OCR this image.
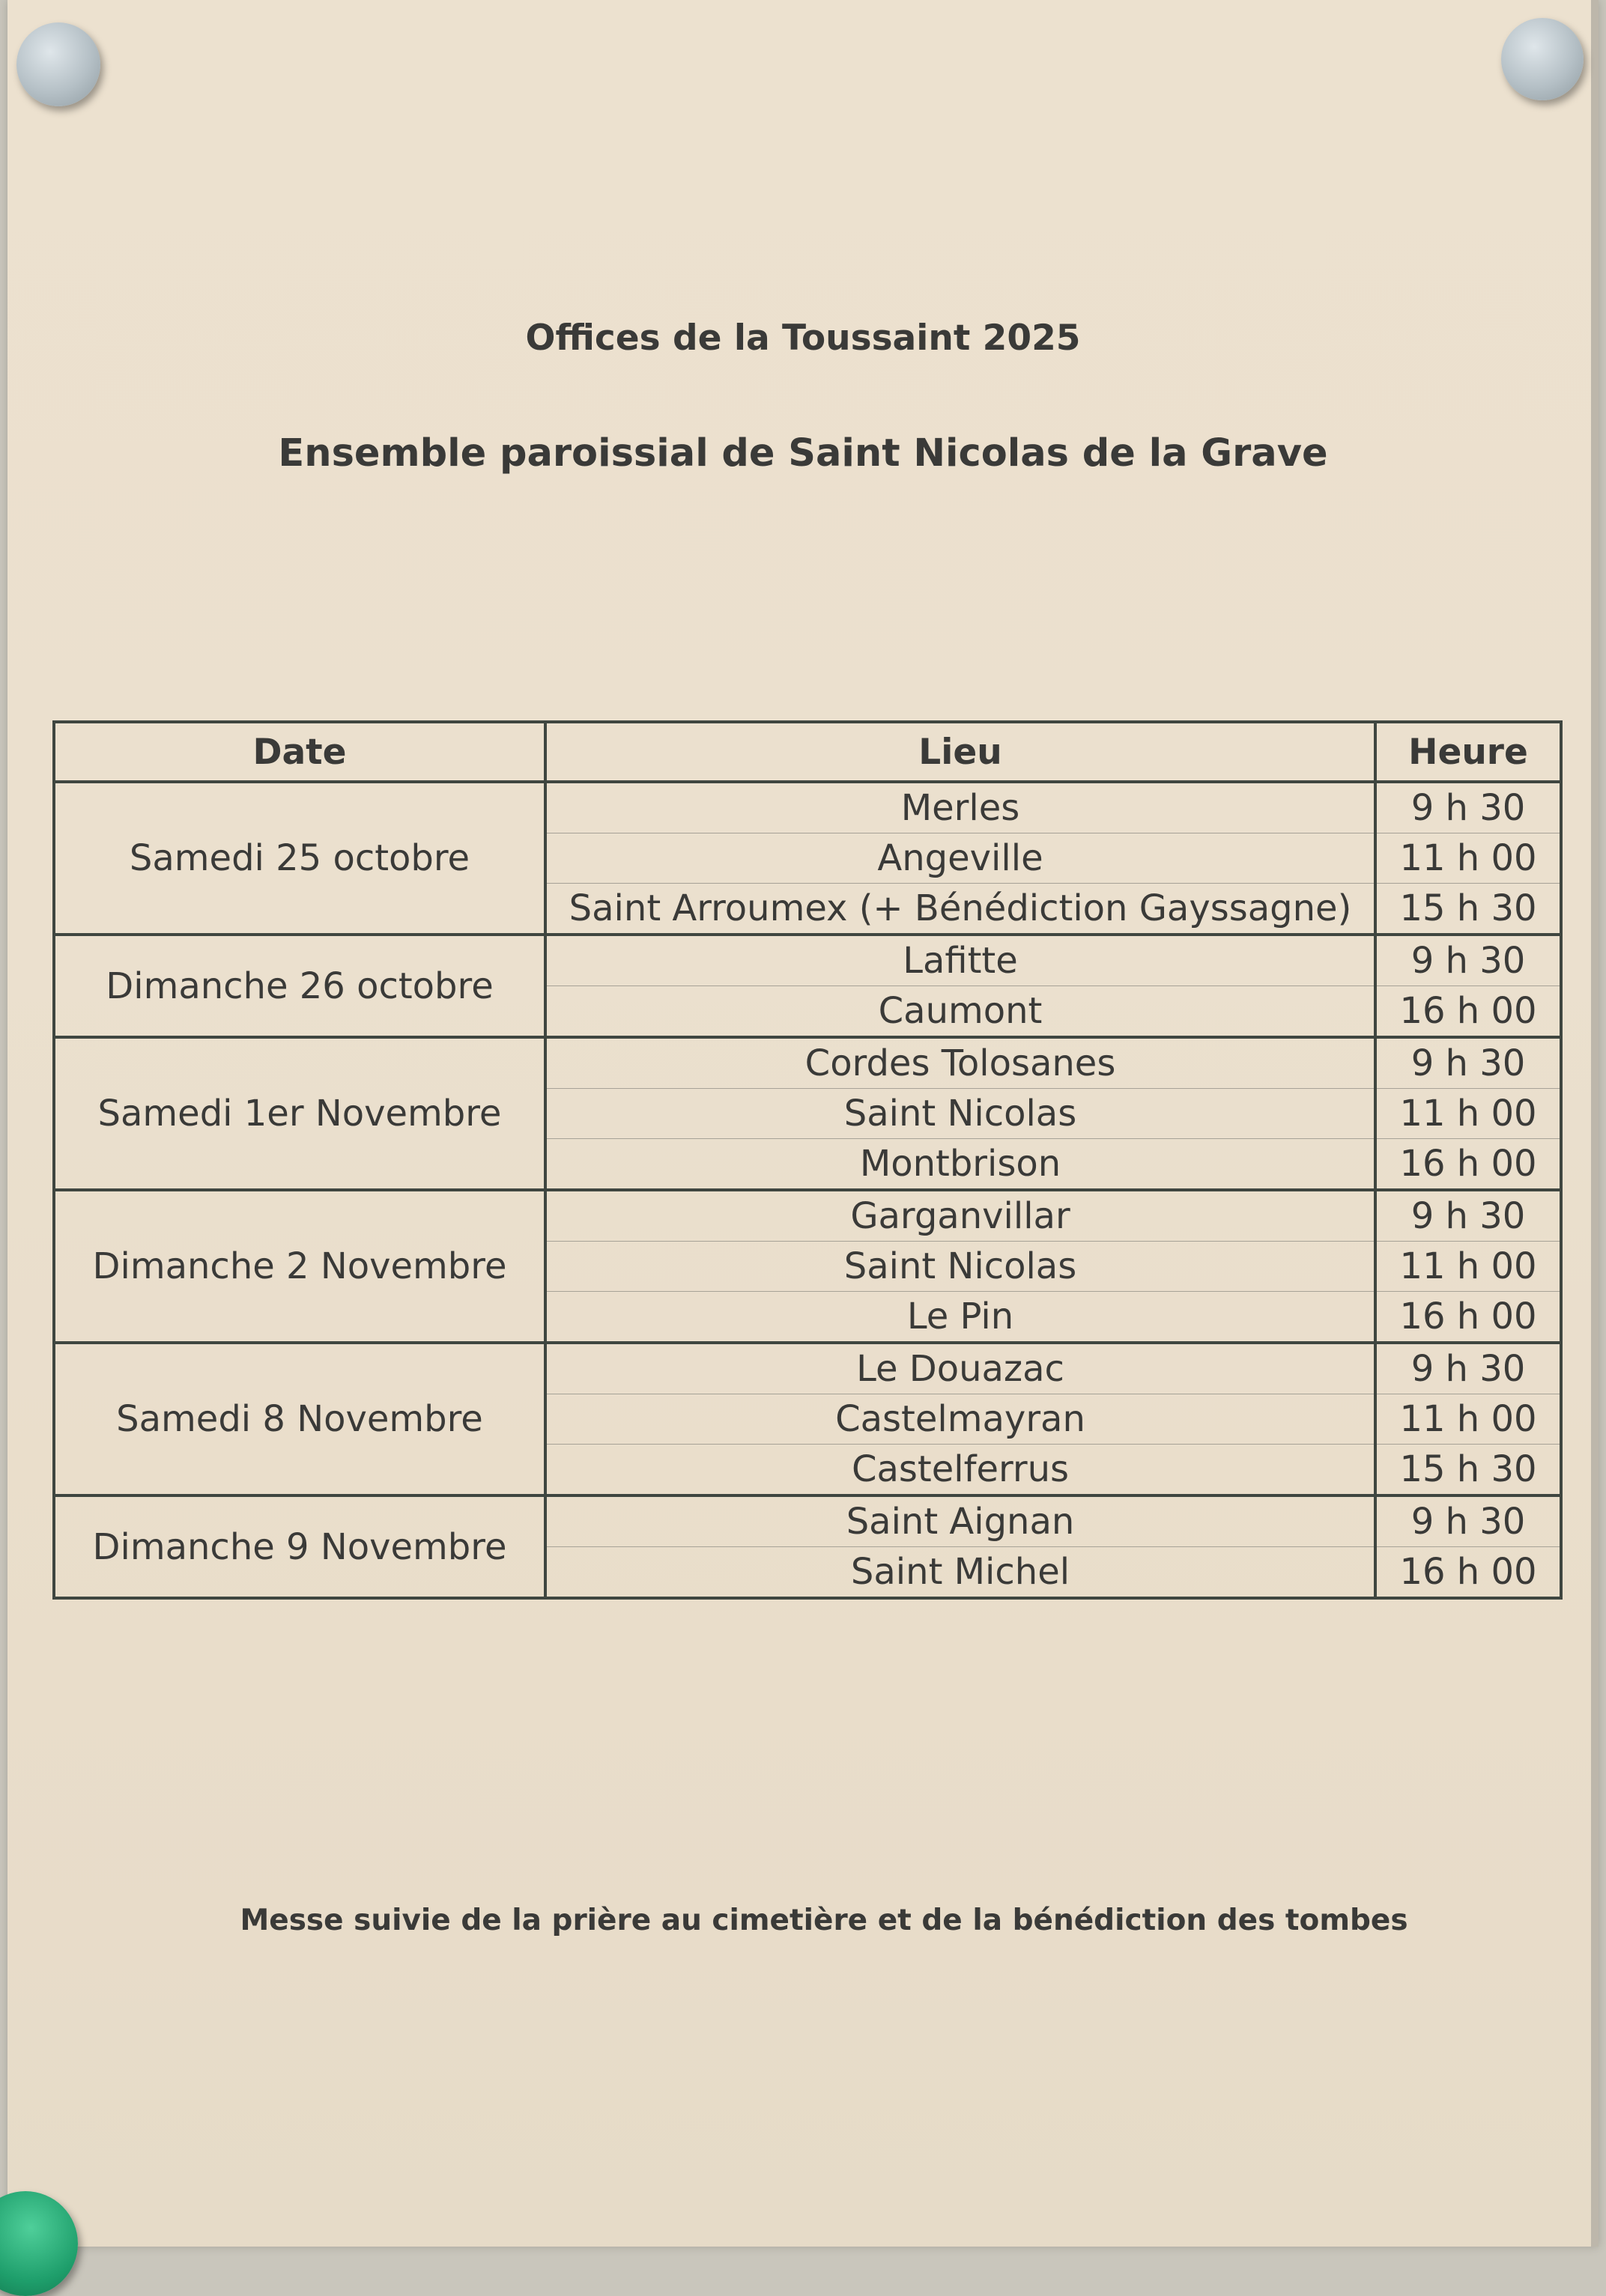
Offices de la Toussaint 2025
Ensemble paroissial de Saint Nicolas de la Grave
Date	Lieu	Heure
Samedi 25 octobre	Merles	9 h 30
	Angeville	11 h 00
	Saint Arroumex (+ Bénédiction Gayssagne)	15 h 30
Dimanche 26 octobre	Lafitte	9 h 30
	Caumont	16 h 00
Samedi 1er Novembre	Cordes Tolosanes	9 h 30
	Saint Nicolas	11 h 00
	Montbrison	16 h 00
Dimanche 2 Novembre	Garganvillar	9 h 30
	Saint Nicolas	11 h 00
	Le Pin	16 h 00
Samedi 8 Novembre	Le Douazac	9 h 30
	Castelmayran	11 h 00
	Castelferrus	15 h 30
Dimanche 9 Novembre	Saint Aignan	9 h 30
	Saint Michel	16 h 00
Messe suivie de la prière au cimetière et de la bénédiction des tombes
